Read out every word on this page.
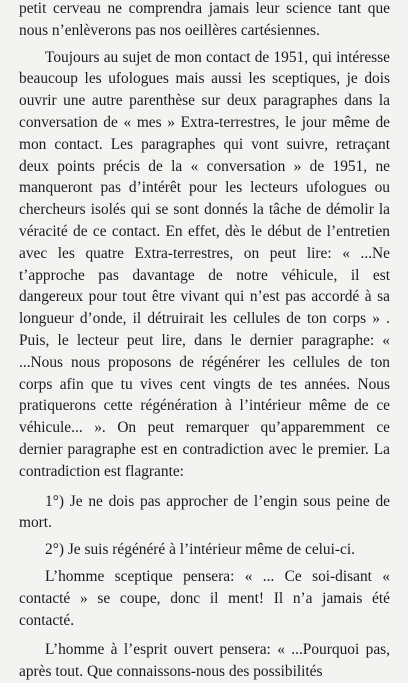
petit cerveau ne comprendra jamais leur science tant que nous n’enlèverons pas nos oeillères cartésiennes.

Toujours au sujet de mon contact de 1951, qui intéresse beaucoup les ufologues mais aussi les sceptiques, je dois ouvrir une autre parenthèse sur deux paragraphes dans la conversation de « mes » Extra-terrestres, le jour même de mon contact. Les paragraphes qui vont suivre, retraçant deux points précis de la « conversation » de 1951, ne manqueront pas d’intérêt pour les lecteurs ufologues ou chercheurs isolés qui se sont donnés la tâche de démolir la véracité de ce contact. En effet, dès le début de l’entretien avec les quatre Extra-terrestres, on peut lire: « ...Ne t’approche pas davantage de notre véhicule, il est dangereux pour tout être vivant qui n’est pas accordé à sa longueur d’onde, il détruirait les cellules de ton corps » . Puis, le lecteur peut lire, dans le dernier paragraphe: « ...Nous nous proposons de régénérer les cellules de ton corps afin que tu vives cent vingts de tes années. Nous pratiquerons cette régénération à l’intérieur même de ce véhicule... ». On peut remarquer qu’apparemment ce dernier paragraphe est en contradiction avec le premier. La contradiction est flagrante:

1°) Je ne dois pas approcher de l’engin sous peine de mort.

2°) Je suis régénéré à l’intérieur même de celui-ci.

L’homme sceptique pensera: « ... Ce soi-disant « contacté » se coupe, donc il ment! Il n’a jamais été contacté.

L’homme à l’esprit ouvert pensera: « ...Pourquoi pas, après tout. Que connaissons-nous des possibilités
